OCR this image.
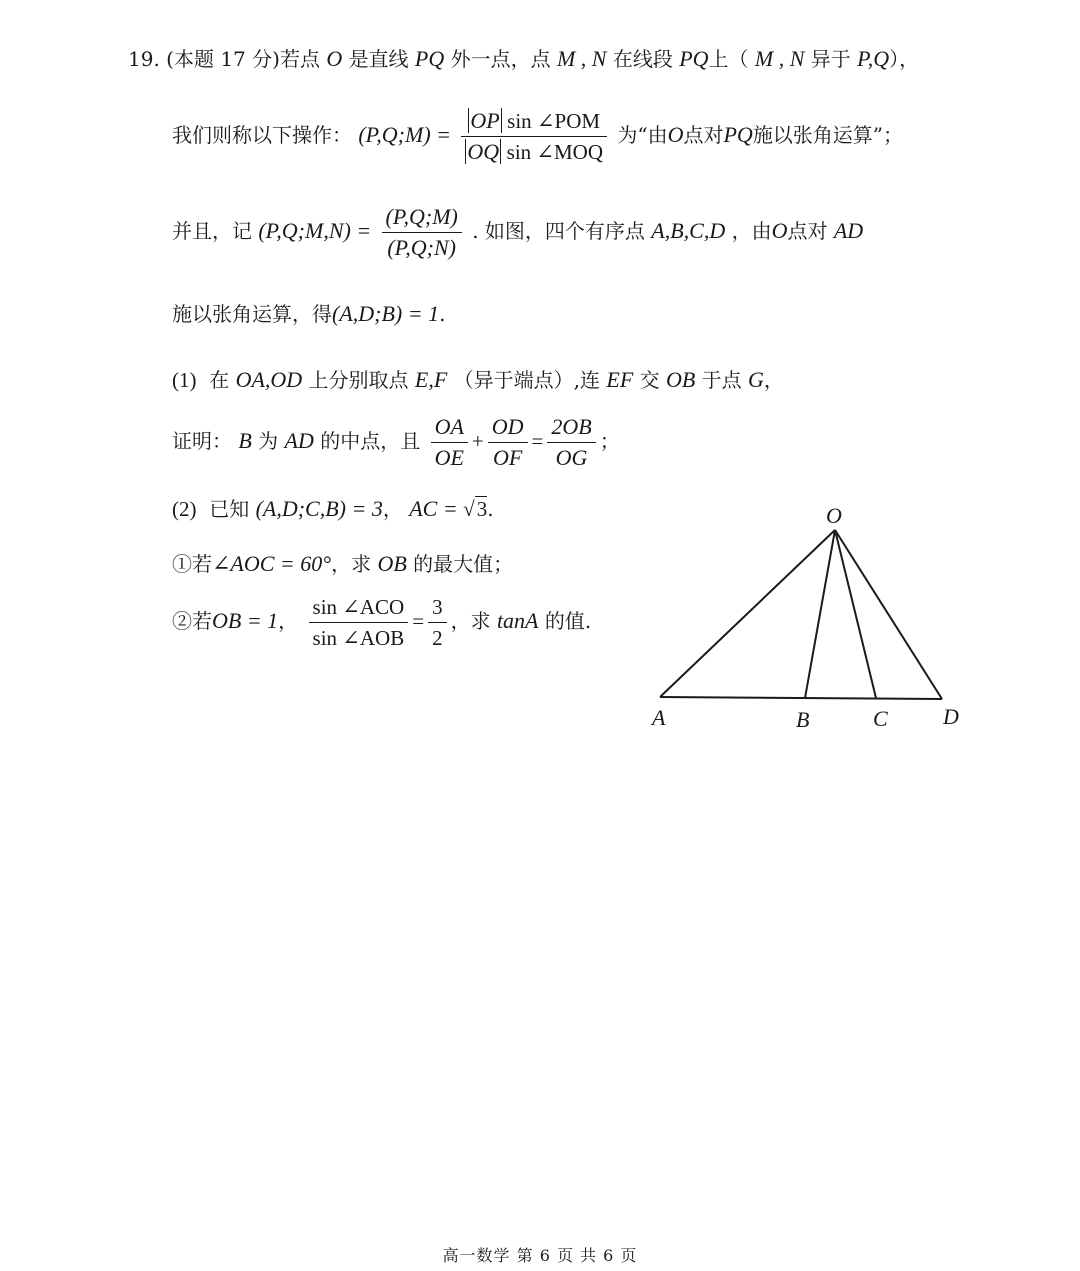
19. (本题 17 分)若点 O 是直线 PQ 外一点，点 M , N 在线段 PQ上（ M , N 异于 P,Q），
我们则称以下操作： (P,Q;M) = $\frac{\text{OP sin ∠POM}}{\text{OQ sin ∠MOQ}}$ 为“由O点对PQ施以张角运算”；
并且，记 (P,Q;M,N) = $\frac{(P,Q;M)}{(P,Q;N)}$ . 如图，四个有序点 A,B,C,D ，由O点对 AD
施以张角运算，得(A,D;B) = 1.
(1) 在 OA,OD 上分别取点 E,F （异于端点）,连 EF 交 OB 于点 G，
证明： B 为 AD 的中点，且 $\frac{OA}{OE} + \frac{OD}{OF} = \frac{2OB}{OG}$ ；
(2) 已知 (A,D;C,B) = 3， AC = √3.
①若∠AOC = 60°，求 OB 的最大值；
②若OB = 1， $\frac{\text{sin ∠ACO}}{\text{sin ∠AOB}} = \frac{3}{2}$ ，求 tanA 的值.
O
A	B	C	D
高一数学 第 6 页 共 6 页
